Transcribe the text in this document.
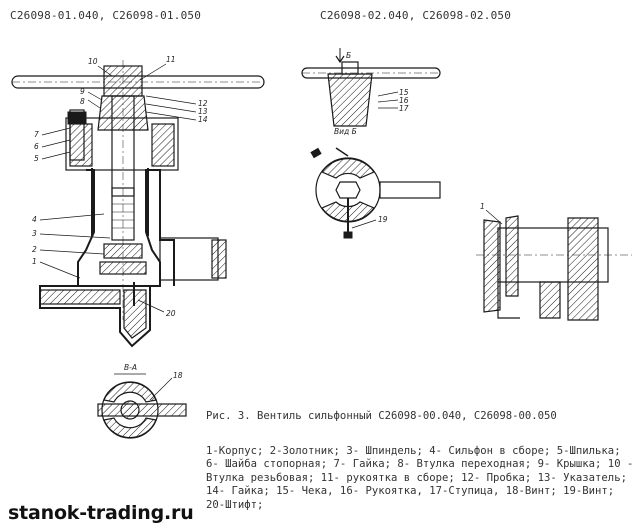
С26098-01.040, С26098-01.050	С26098-02.040, С26098-02.050
7
6
5
4
3
2
1
10	11
9
8	12
13
14
20
Б
15
16
17
Вид Б
19
1
В-А
18
Рис. 3. Вентиль сильфонный С26098-00.040, С26098-00.050
1-Корпус; 2-Золотник; 3- Шпиндель; 4- Сильфон в сборе; 5-Шпилька; 6- Шайба стопорная; 7- Гайка; 8- Втулка переходная; 9- Крышка; 10 - Втулка резьбовая; 11- рукоятка в сборе; 12- Пробка; 13- Указатель; 14- Гайка; 15- Чека, 16- Рукоятка, 17-Ступица, 18-Винт; 19-Винт; 20-Штифт;
stanok-trading.ru
